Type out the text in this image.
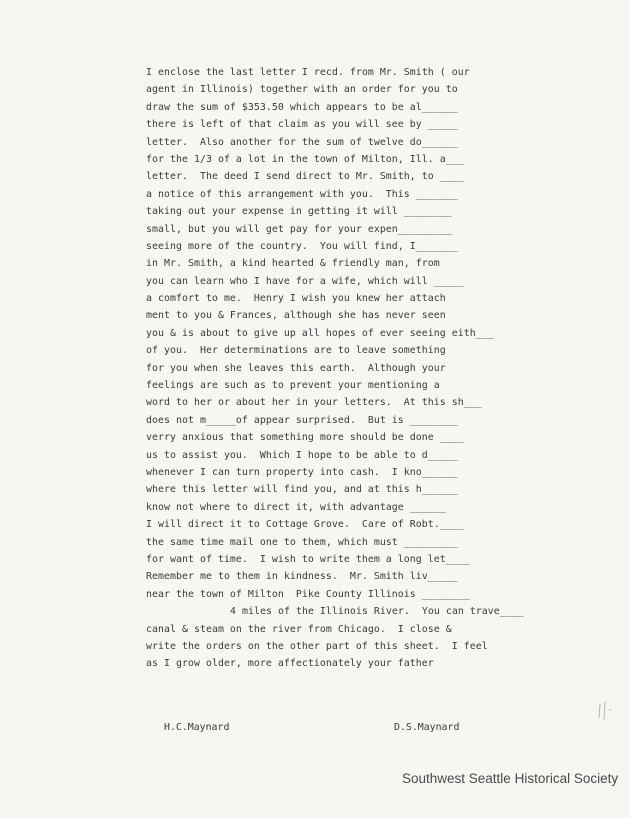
I enclose the last letter I recd. from Mr. Smith ( our
agent in Illinois) together with an order for you to
draw the sum of $353.50 which appears to be al______
there is left of that claim as you will see by _____
letter.  Also another for the sum of twelve do______
for the 1/3 of a lot in the town of Milton, Ill. a___
letter.  The deed I send direct to Mr. Smith, to ____
a notice of this arrangement with you.  This _______
taking out your expense in getting it will ________
small, but you will get pay for your expen_________
seeing more of the country.  You will find, I_______
in Mr. Smith, a kind hearted & friendly man, from
you can learn who I have for a wife, which will _____
a comfort to me.  Henry I wish you knew her attach
ment to you & Frances, although she has never seen
you & is about to give up all hopes of ever seeing eith___
of you.  Her determinations are to leave something
for you when she leaves this earth.  Although your
feelings are such as to prevent your mentioning a
word to her or about her in your letters.  At this sh___
does not m_____of appear surprised.  But is ________
verry anxious that something more should be done ____
us to assist you.  Which I hope to be able to d_____
whenever I can turn property into cash.  I kno______
where this letter will find you, and at this h______
know not where to direct it, with advantage ______
I will direct it to Cottage Grove.  Care of Robt.____
the same time mail one to them, which must _________
for want of time.  I wish to write them a long let____
Remember me to them in kindness.  Mr. Smith liv_____
near the town of Milton  Pike County Illinois ________
4 miles of the Illinois River.  You can trave____
canal & steam on the river from Chicago.  I close &
write the orders on the other part of this sheet.  I feel
as I grow older, more affectionately your father
H.C.Maynard	D.S.Maynard
Southwest Seattle Historical Society
